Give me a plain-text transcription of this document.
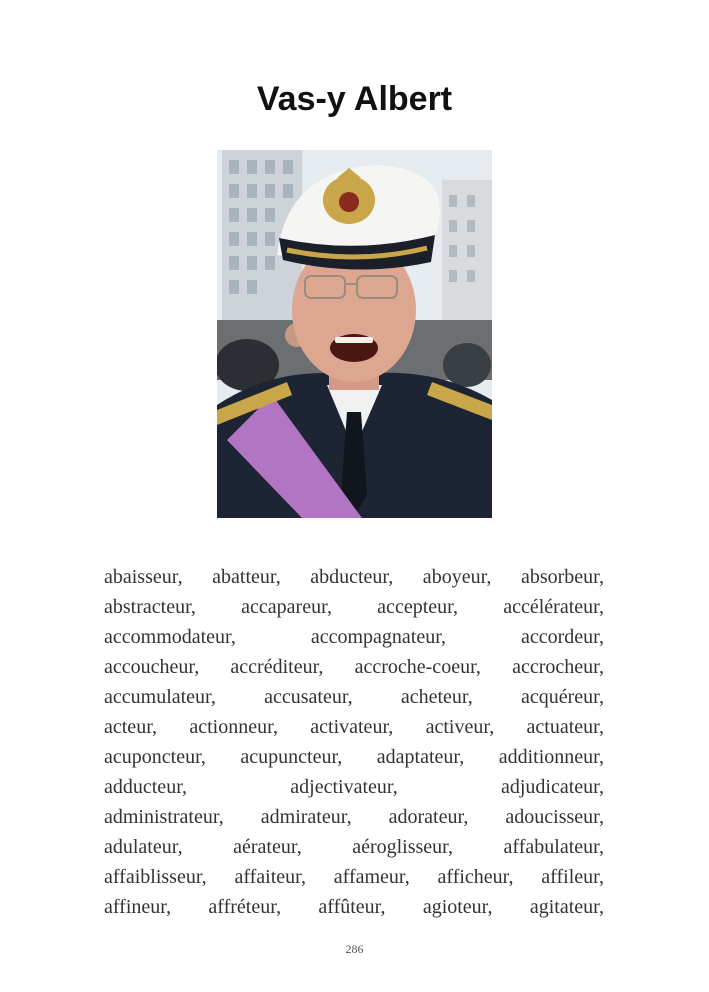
Vas-y Albert
abaisseur, abatteur, abducteur, aboyeur, absorbeur,
abstracteur, accapareur, accepteur, accélérateur,
accommodateur, accompagnateur, accordeur,
accoucheur, accréditeur, accroche-coeur, accrocheur,
accumulateur, accusateur, acheteur, acquéreur,
acteur, actionneur, activateur, activeur, actuateur,
acuponcteur, acupuncteur, adaptateur, additionneur,
adducteur, adjectivateur, adjudicateur,
administrateur, admirateur, adorateur, adoucisseur,
adulateur, aérateur, aéroglisseur, affabulateur,
affaiblisseur, affaiteur, affameur, afficheur, affileur,
affineur, affréteur, affûteur, agioteur, agitateur,
286
